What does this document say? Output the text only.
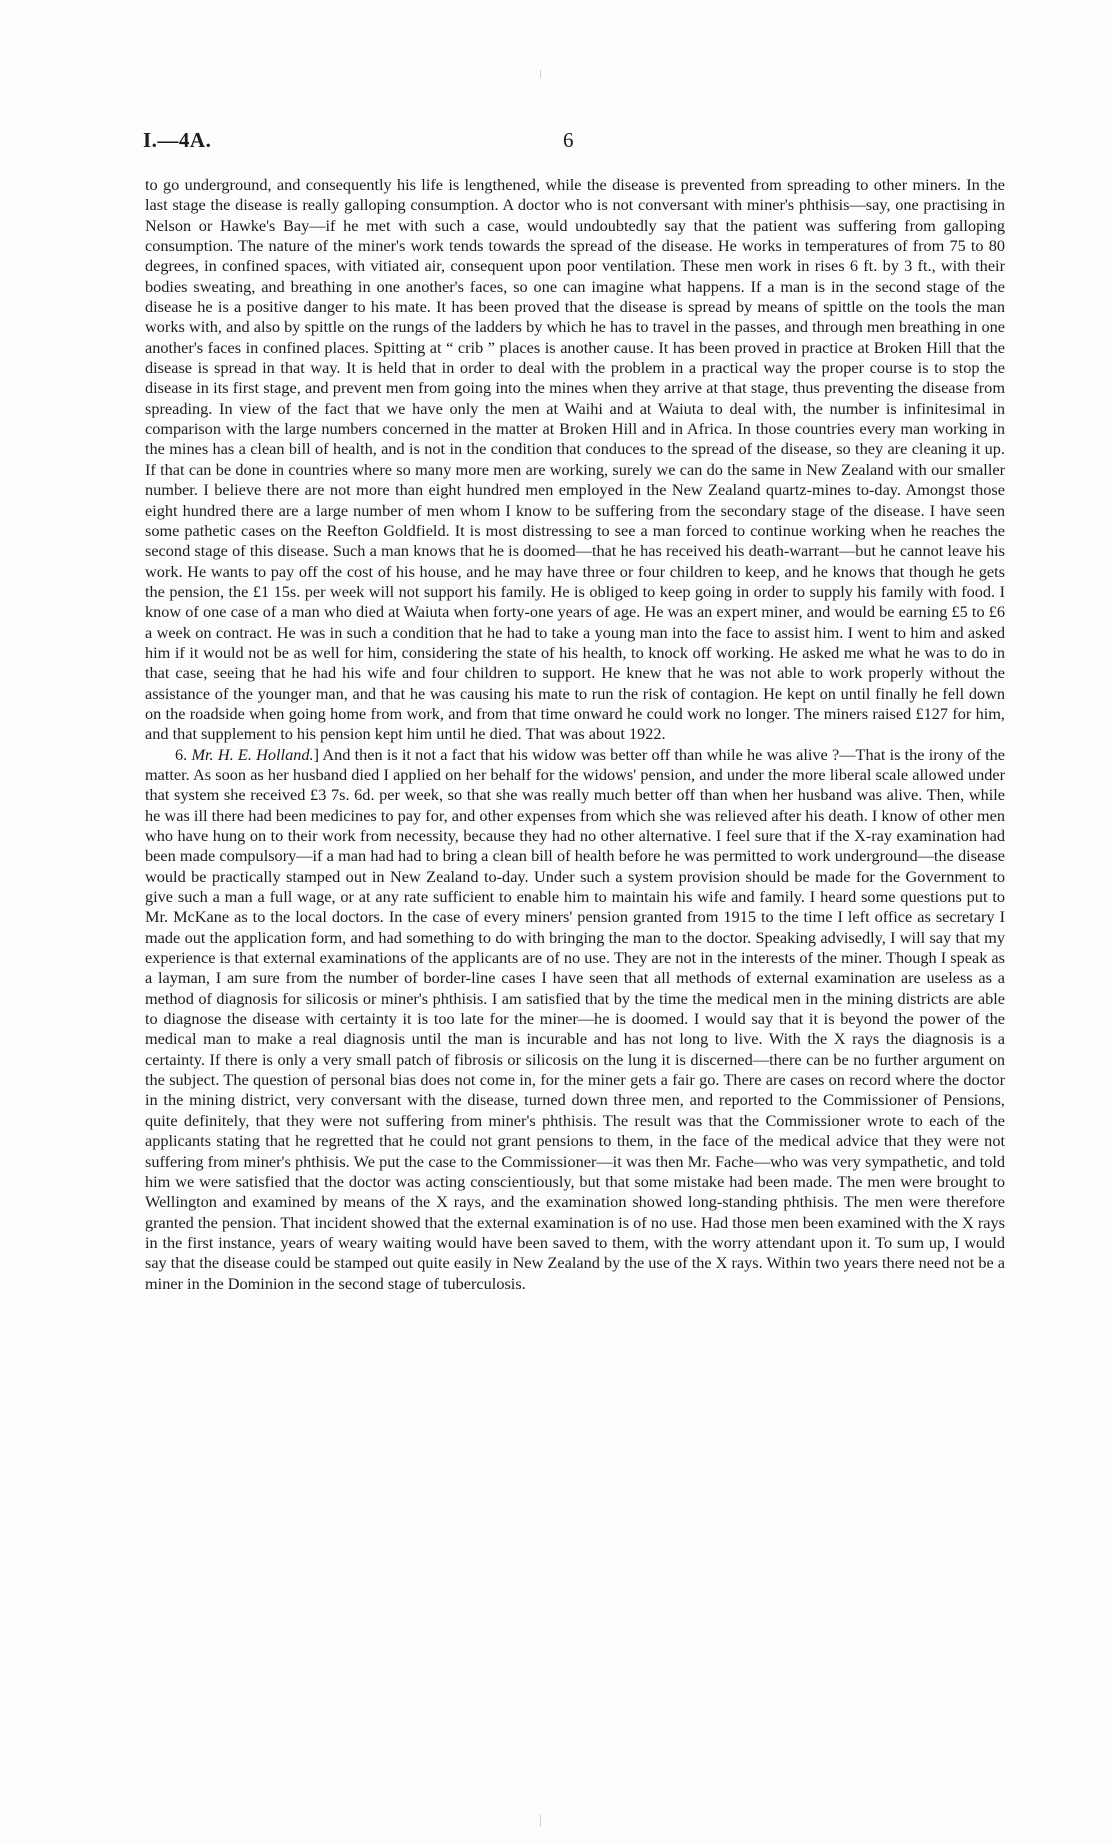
I.—4A.	6

to go underground, and consequently his life is lengthened, while the disease is prevented from spreading to other miners. In the last stage the disease is really galloping consumption. A doctor who is not conversant with miner's phthisis—say, one practising in Nelson or Hawke's Bay—if he met with such a case, would undoubtedly say that the patient was suffering from galloping consumption. The nature of the miner's work tends towards the spread of the disease. He works in temperatures of from 75 to 80 degrees, in confined spaces, with vitiated air, consequent upon poor ventilation. These men work in rises 6 ft. by 3 ft., with their bodies sweating, and breathing in one another's faces, so one can imagine what happens. If a man is in the second stage of the disease he is a positive danger to his mate. It has been proved that the disease is spread by means of spittle on the tools the man works with, and also by spittle on the rungs of the ladders by which he has to travel in the passes, and through men breathing in one another's faces in confined places. Spitting at “ crib ” places is another cause. It has been proved in practice at Broken Hill that the disease is spread in that way. It is held that in order to deal with the problem in a practical way the proper course is to stop the disease in its first stage, and prevent men from going into the mines when they arrive at that stage, thus preventing the disease from spreading. In view of the fact that we have only the men at Waihi and at Waiuta to deal with, the number is infinitesimal in comparison with the large numbers concerned in the matter at Broken Hill and in Africa. In those countries every man working in the mines has a clean bill of health, and is not in the condition that conduces to the spread of the disease, so they are cleaning it up. If that can be done in countries where so many more men are working, surely we can do the same in New Zealand with our smaller number. I believe there are not more than eight hundred men employed in the New Zealand quartz-mines to-day. Amongst those eight hundred there are a large number of men whom I know to be suffering from the secondary stage of the disease. I have seen some pathetic cases on the Reefton Goldfield. It is most distressing to see a man forced to continue working when he reaches the second stage of this disease. Such a man knows that he is doomed—that he has received his death-warrant—but he cannot leave his work. He wants to pay off the cost of his house, and he may have three or four children to keep, and he knows that though he gets the pension, the £1 15s. per week will not support his family. He is obliged to keep going in order to supply his family with food. I know of one case of a man who died at Waiuta when forty-one years of age. He was an expert miner, and would be earning £5 to £6 a week on contract. He was in such a condition that he had to take a young man into the face to assist him. I went to him and asked him if it would not be as well for him, considering the state of his health, to knock off working. He asked me what he was to do in that case, seeing that he had his wife and four children to support. He knew that he was not able to work properly without the assistance of the younger man, and that he was causing his mate to run the risk of contagion. He kept on until finally he fell down on the roadside when going home from work, and from that time onward he could work no longer. The miners raised £127 for him, and that supplement to his pension kept him until he died. That was about 1922.

6. Mr. H. E. Holland.] And then is it not a fact that his widow was better off than while he was alive ?—That is the irony of the matter. As soon as her husband died I applied on her behalf for the widows' pension, and under the more liberal scale allowed under that system she received £3 7s. 6d. per week, so that she was really much better off than when her husband was alive. Then, while he was ill there had been medicines to pay for, and other expenses from which she was relieved after his death. I know of other men who have hung on to their work from necessity, because they had no other alternative. I feel sure that if the X-ray examination had been made compulsory—if a man had had to bring a clean bill of health before he was permitted to work underground—the disease would be practically stamped out in New Zealand to-day. Under such a system provision should be made for the Government to give such a man a full wage, or at any rate sufficient to enable him to maintain his wife and family. I heard some questions put to Mr. McKane as to the local doctors. In the case of every miners' pension granted from 1915 to the time I left office as secretary I made out the application form, and had something to do with bringing the man to the doctor. Speaking advisedly, I will say that my experience is that external examinations of the applicants are of no use. They are not in the interests of the miner. Though I speak as a layman, I am sure from the number of border-line cases I have seen that all methods of external examination are useless as a method of diagnosis for silicosis or miner's phthisis. I am satisfied that by the time the medical men in the mining districts are able to diagnose the disease with certainty it is too late for the miner—he is doomed. I would say that it is beyond the power of the medical man to make a real diagnosis until the man is incurable and has not long to live. With the X rays the diagnosis is a certainty. If there is only a very small patch of fibrosis or silicosis on the lung it is discerned—there can be no further argument on the subject. The question of personal bias does not come in, for the miner gets a fair go. There are cases on record where the doctor in the mining district, very conversant with the disease, turned down three men, and reported to the Commissioner of Pensions, quite definitely, that they were not suffering from miner's phthisis. The result was that the Commissioner wrote to each of the applicants stating that he regretted that he could not grant pensions to them, in the face of the medical advice that they were not suffering from miner's phthisis. We put the case to the Commissioner—it was then Mr. Fache—who was very sympathetic, and told him we were satisfied that the doctor was acting conscientiously, but that some mistake had been made. The men were brought to Wellington and examined by means of the X rays, and the examination showed long-standing phthisis. The men were therefore granted the pension. That incident showed that the external examination is of no use. Had those men been examined with the X rays in the first instance, years of weary waiting would have been saved to them, with the worry attendant upon it. To sum up, I would say that the disease could be stamped out quite easily in New Zealand by the use of the X rays. Within two years there need not be a miner in the Dominion in the second stage of tuberculosis.
